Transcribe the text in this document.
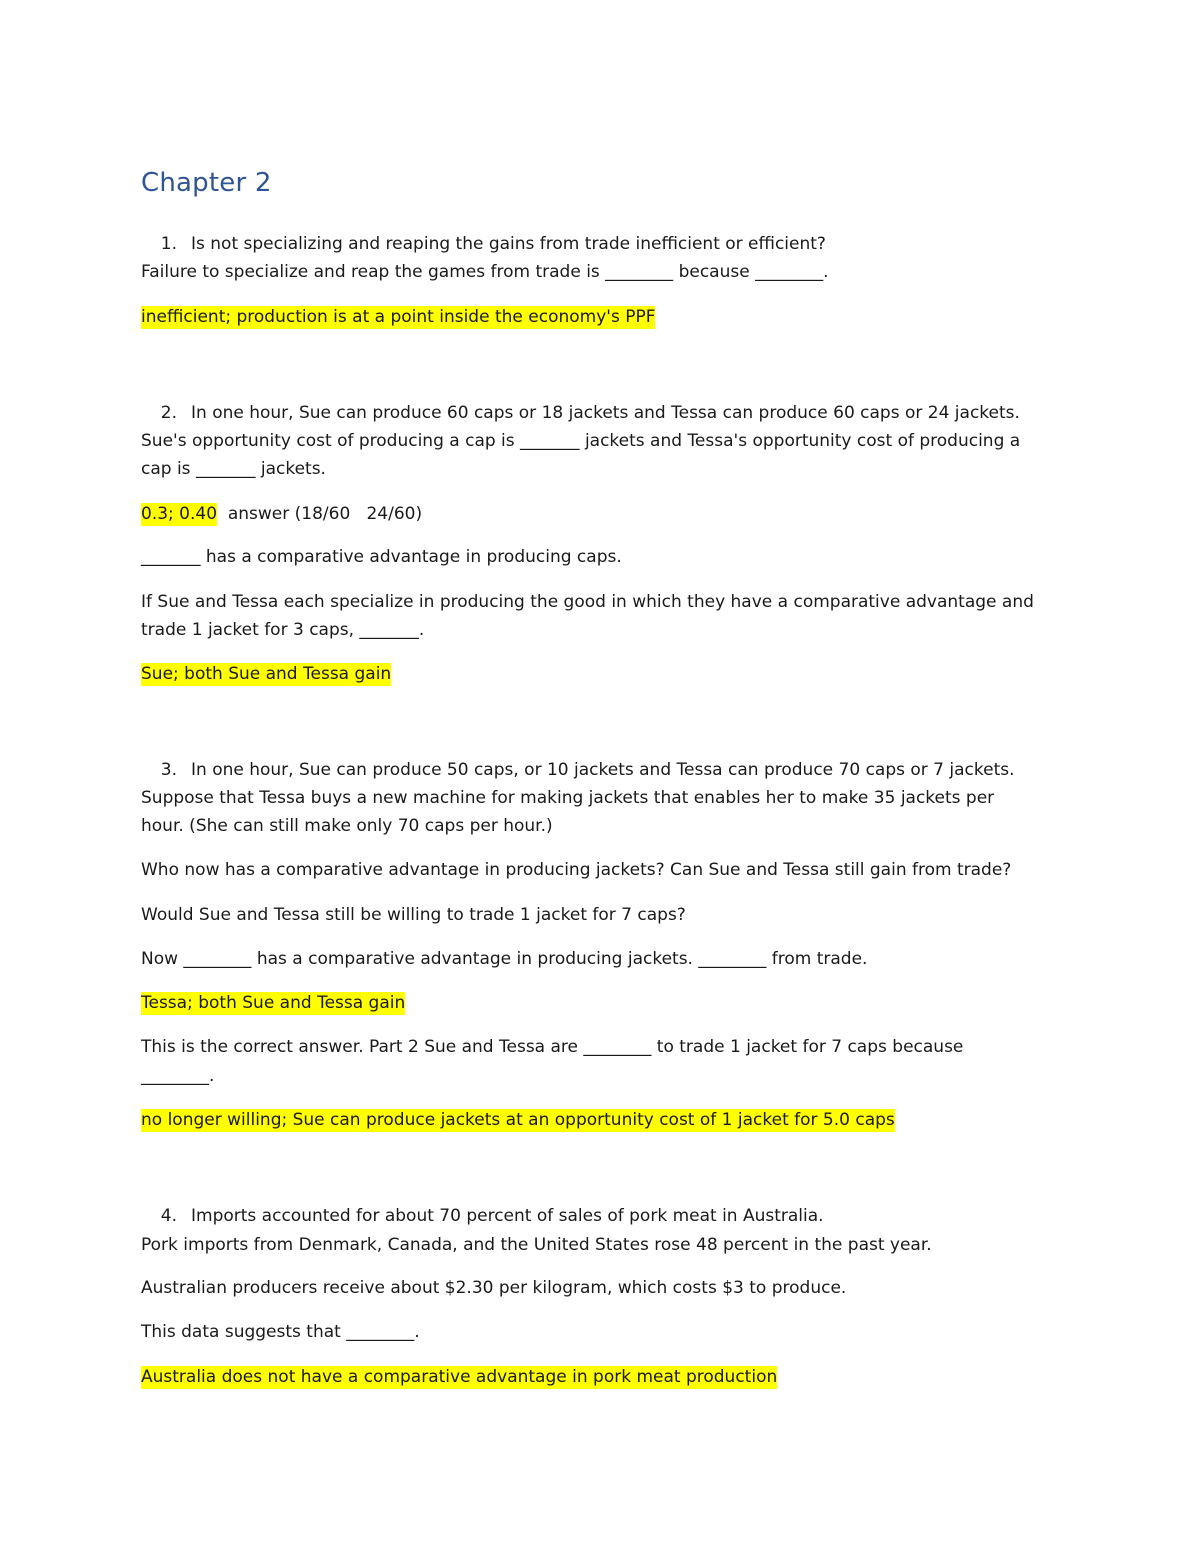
Chapter 2

1. Is not specializing and reaping the gains from trade inefficient or efficient?

Failure to specialize and reap the games from trade is ________ because ________.

inefficient; production is at a point inside the economy's PPF

2. In one hour, Sue can produce 60 caps or 18 jackets and Tessa can produce 60 caps or 24 jackets.

Sue's opportunity cost of producing a cap is _______ jackets and Tessa's opportunity cost of producing a

cap is _______ jackets.

0.3; 0.40  answer (18/60   24/60)

_______ has a comparative advantage in producing caps.

If Sue and Tessa each specialize in producing the good in which they have a comparative advantage and

trade 1 jacket for 3 caps, _______.

Sue; both Sue and Tessa gain

3. In one hour, Sue can produce 50 caps, or 10 jackets and Tessa can produce 70 caps or 7 jackets.

Suppose that Tessa buys a new machine for making jackets that enables her to make 35 jackets per

hour. (She can still make only 70 caps per hour.)

Who now has a comparative advantage in producing jackets? Can Sue and Tessa still gain from trade?

Would Sue and Tessa still be willing to trade 1 jacket for 7 caps?

Now ________ has a comparative advantage in producing jackets. ________ from trade.

Tessa; both Sue and Tessa gain

This is the correct answer. Part 2 Sue and Tessa are ________ to trade 1 jacket for 7 caps because

________.

no longer willing; Sue can produce jackets at an opportunity cost of 1 jacket for 5.0 caps

4. Imports accounted for about 70 percent of sales of pork meat in Australia.

Pork imports from Denmark, Canada, and the United States rose 48 percent in the past year.

Australian producers receive about $2.30 per kilogram, which costs $3 to produce.

This data suggests that ________.

Australia does not have a comparative advantage in pork meat production
